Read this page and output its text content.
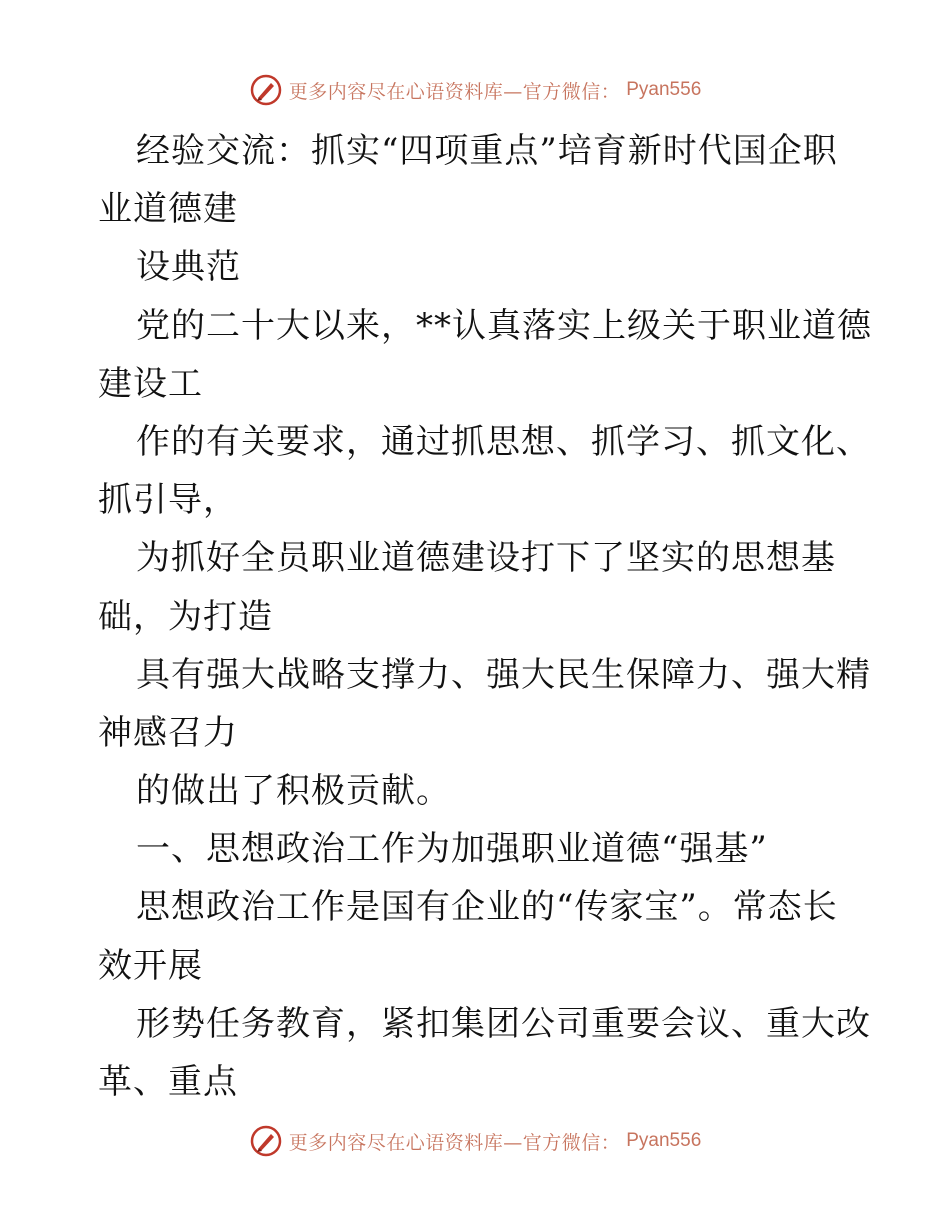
更多内容尽在心语资料库—官方微信： Pyan556
经验交流：抓实“四项重点”培育新时代国企职
业道德建
设典范
党的二十大以来，**认真落实上级关于职业道德
建设工
作的有关要求，通过抓思想、抓学习、抓文化、
抓引导，
为抓好全员职业道德建设打下了坚实的思想基
础，为打造
具有强大战略支撑力、强大民生保障力、强大精
神感召力
的做出了积极贡献。
一、思想政治工作为加强职业道德“强基”
思想政治工作是国有企业的“传家宝”。常态长
效开展
形势任务教育，紧扣集团公司重要会议、重大改
革、重点
更多内容尽在心语资料库—官方微信： Pyan556
